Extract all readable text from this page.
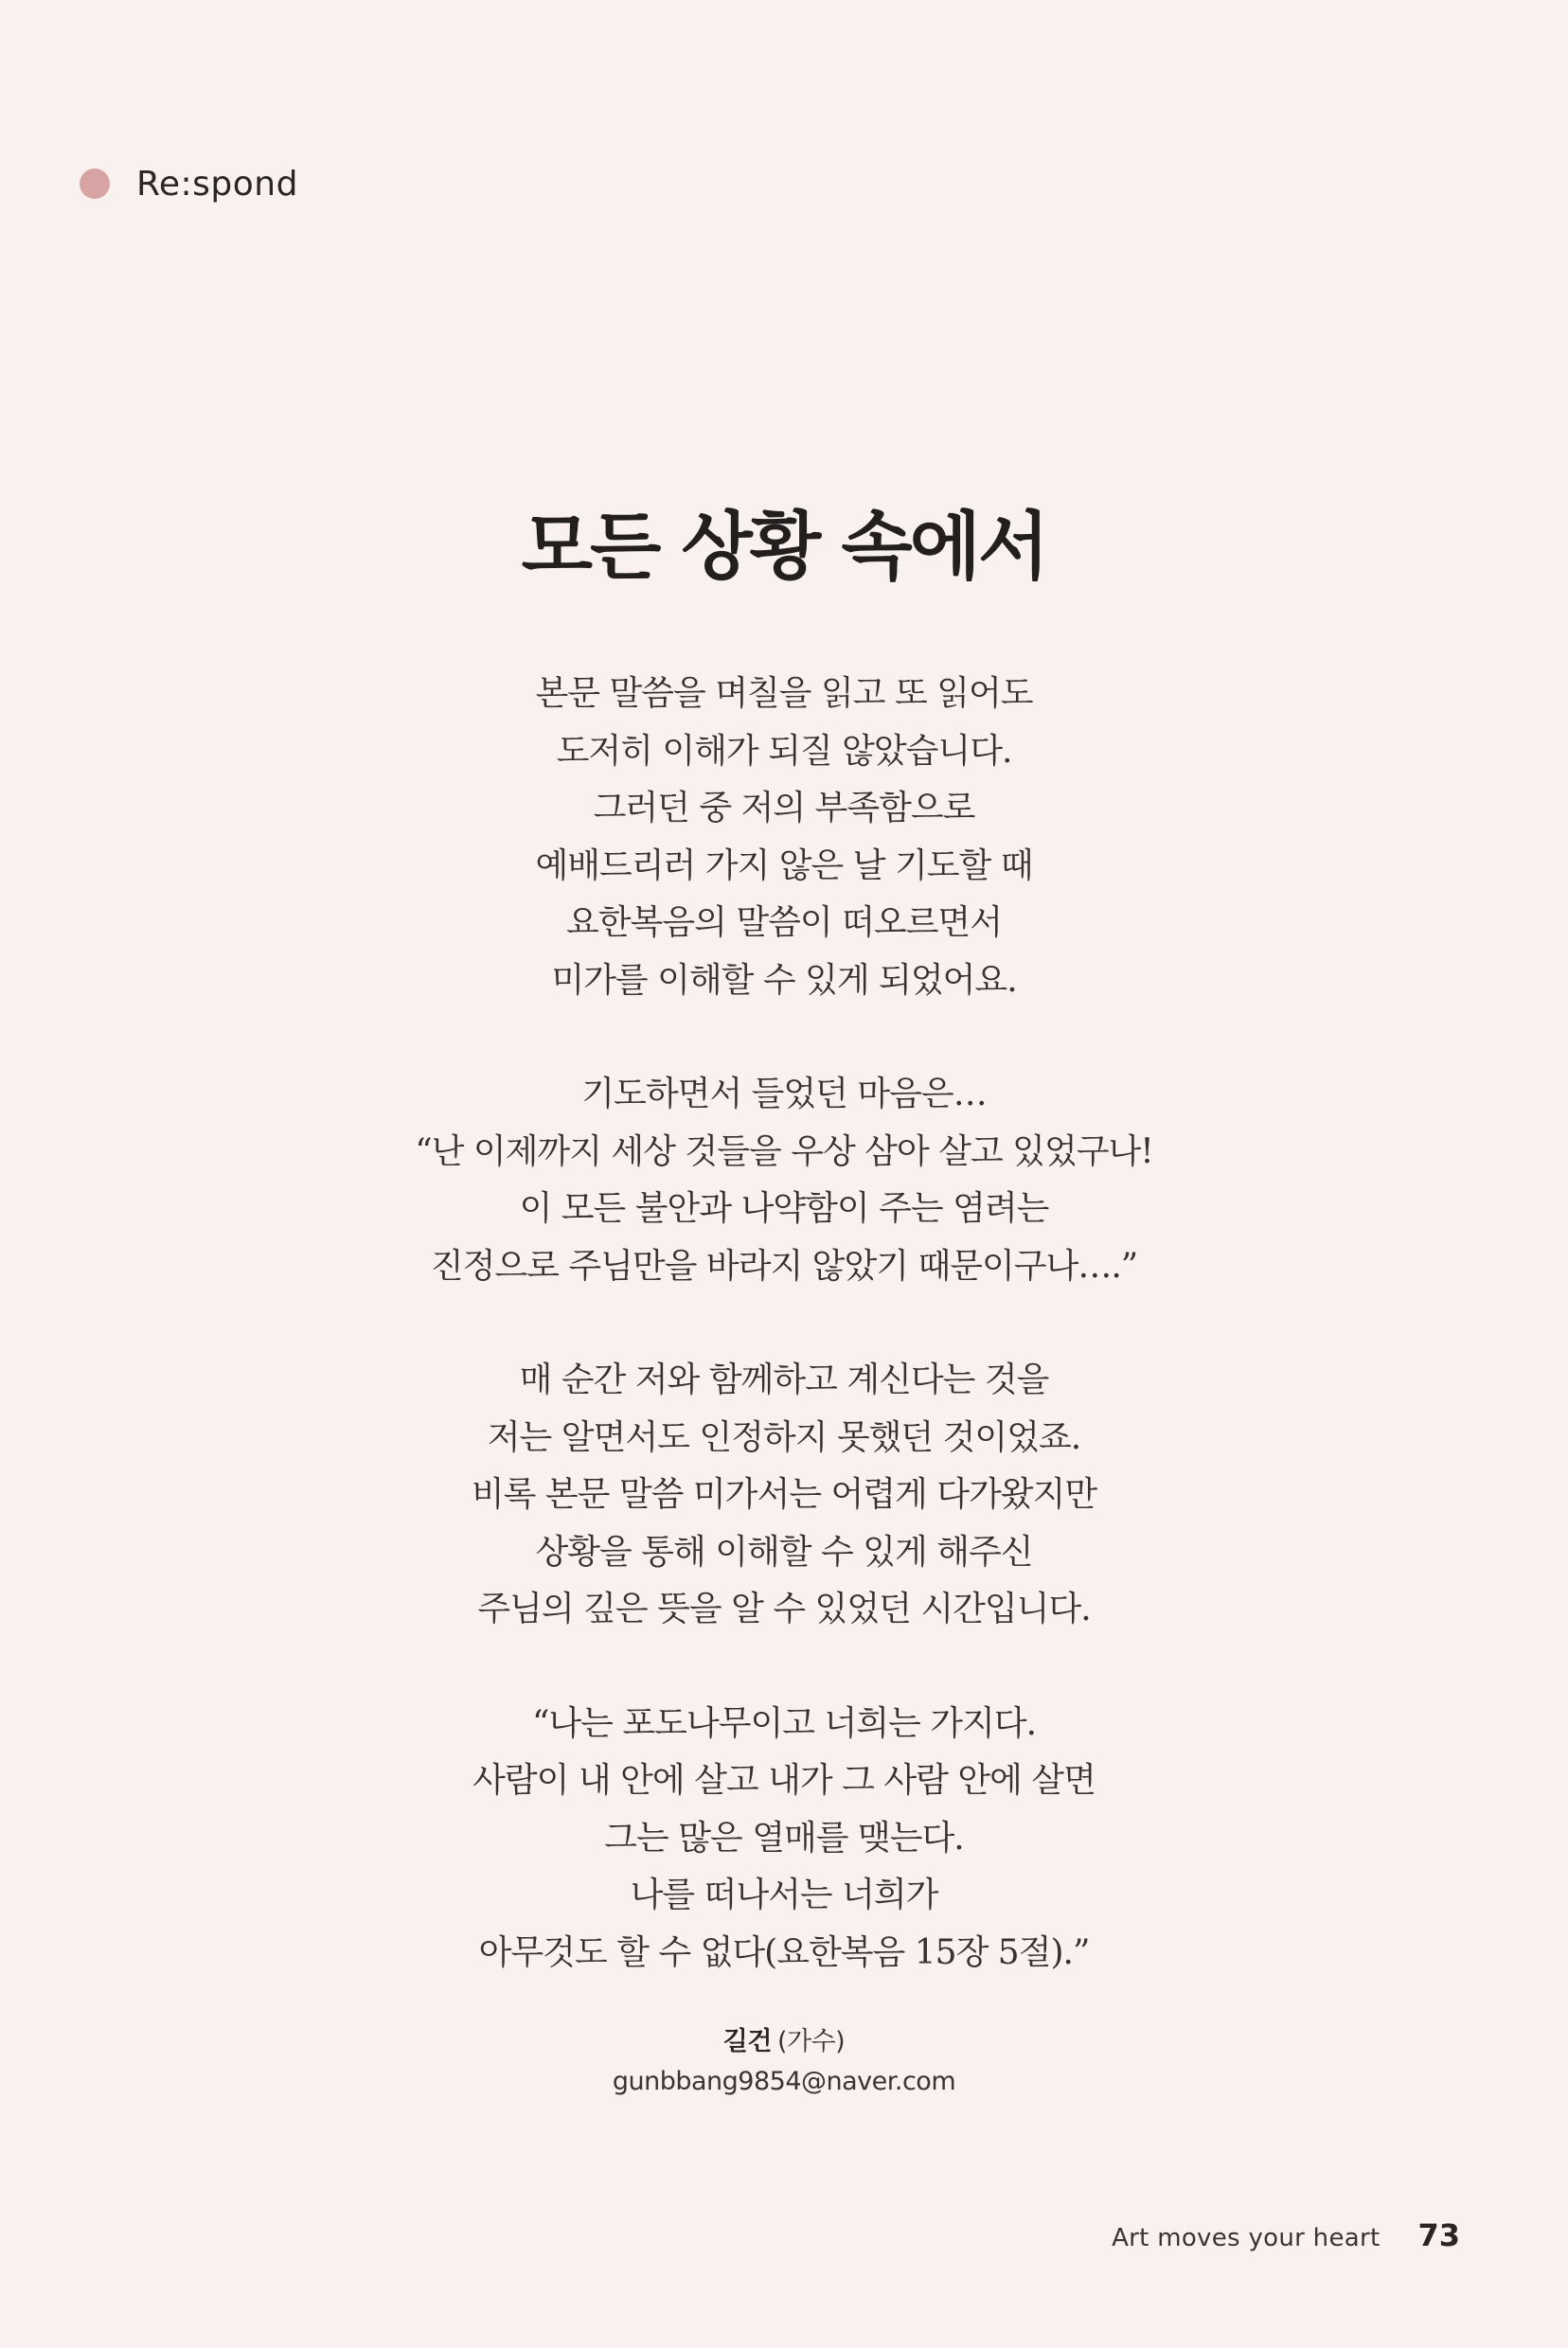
Re:spond
모든 상황 속에서
본문 말씀을 며칠을 읽고 또 읽어도
도저히 이해가 되질 않았습니다.
그러던 중 저의 부족함으로
예배드리러 가지 않은 날 기도할 때
요한복음의 말씀이 떠오르면서
미가를 이해할 수 있게 되었어요.
기도하면서 들었던 마음은…
“난 이제까지 세상 것들을 우상 삼아 살고 있었구나!
이 모든 불안과 나약함이 주는 염려는
진정으로 주님만을 바라지 않았기 때문이구나….”
매 순간 저와 함께하고 계신다는 것을
저는 알면서도 인정하지 못했던 것이었죠.
비록 본문 말씀 미가서는 어렵게 다가왔지만
상황을 통해 이해할 수 있게 해주신
주님의 깊은 뜻을 알 수 있었던 시간입니다.
“나는 포도나무이고 너희는 가지다.
사람이 내 안에 살고 내가 그 사람 안에 살면
그는 많은 열매를 맺는다.
나를 떠나서는 너희가
아무것도 할 수 없다(요한복음 15장 5절).”
길건 (가수)
gunbbang9854@naver.com
Art moves your heart 73
